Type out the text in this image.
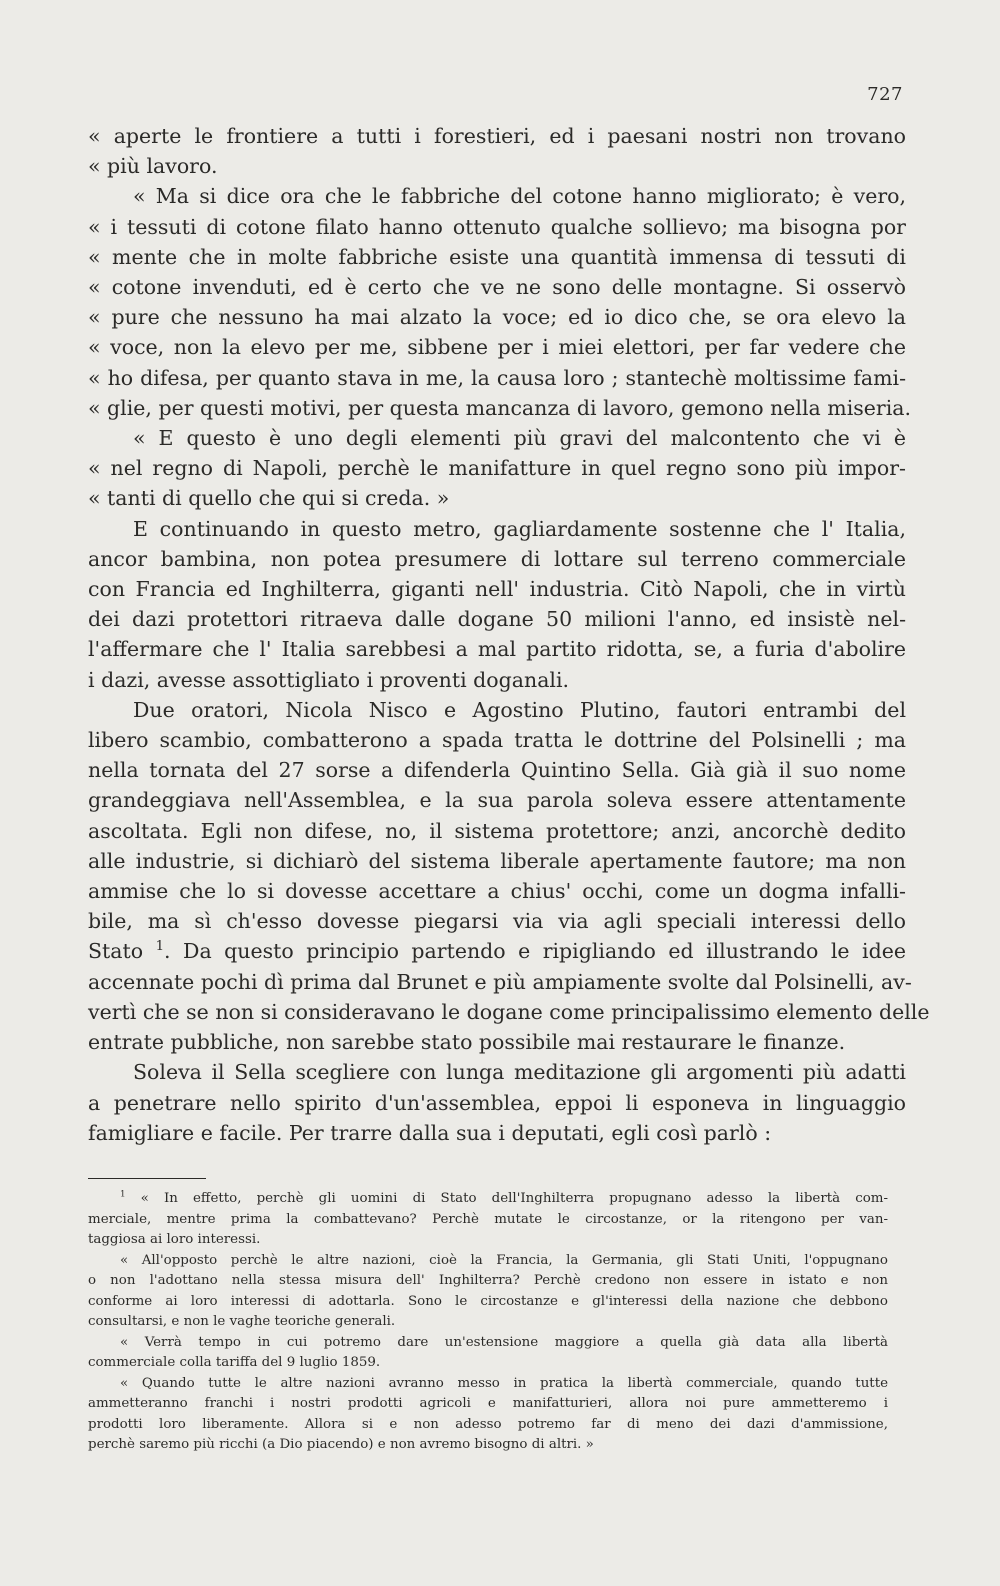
727
« aperte le frontiere a tutti i forestieri, ed i paesani nostri non trovano
« più lavoro.
« Ma si dice ora che le fabbriche del cotone hanno migliorato; è vero,
« i tessuti di cotone filato hanno ottenuto qualche sollievo; ma bisogna por
« mente che in molte fabbriche esiste una quantità immensa di tessuti di
« cotone invenduti, ed è certo che ve ne sono delle montagne. Si osservò
« pure che nessuno ha mai alzato la voce; ed io dico che, se ora elevo la
« voce, non la elevo per me, sibbene per i miei elettori, per far vedere che
« ho difesa, per quanto stava in me, la causa loro ; stantechè moltissime fami-
« glie, per questi motivi, per questa mancanza di lavoro, gemono nella miseria.
« E questo è uno degli elementi più gravi del malcontento che vi è
« nel regno di Napoli, perchè le manifatture in quel regno sono più impor-
« tanti di quello che qui si creda. »
E continuando in questo metro, gagliardamente sostenne che l' Italia,
ancor bambina, non potea presumere di lottare sul terreno commerciale
con Francia ed Inghilterra, giganti nell' industria. Citò Napoli, che in virtù
dei dazi protettori ritraeva dalle dogane 50 milioni l'anno, ed insistè nel-
l'affermare che l' Italia sarebbesi a mal partito ridotta, se, a furia d'abolire
i dazi, avesse assottigliato i proventi doganali.
Due oratori, Nicola Nisco e Agostino Plutino, fautori entrambi del
libero scambio, combatterono a spada tratta le dottrine del Polsinelli ; ma
nella tornata del 27 sorse a difenderla Quintino Sella. Già già il suo nome
grandeggiava nell'Assemblea, e la sua parola soleva essere attentamente
ascoltata. Egli non difese, no, il sistema protettore; anzi, ancorchè dedito
alle industrie, si dichiarò del sistema liberale apertamente fautore; ma non
ammise che lo si dovesse accettare a chius' occhi, come un dogma infalli-
bile, ma sì ch'esso dovesse piegarsi via via agli speciali interessi dello
Stato $^1$. Da questo principio partendo e ripigliando ed illustrando le idee
accennate pochi dì prima dal Brunet e più ampiamente svolte dal Polsinelli, av-
vertì che se non si consideravano le dogane come principalissimo elemento delle
entrate pubbliche, non sarebbe stato possibile mai restaurare le finanze.
Soleva il Sella scegliere con lunga meditazione gli argomenti più adatti
a penetrare nello spirito d'un'assemblea, eppoi li esponeva in linguaggio
famigliare e facile. Per trarre dalla sua i deputati, egli così parlò :
$^1$ « In effetto, perchè gli uomini di Stato dell'Inghilterra propugnano adesso la libertà com-
merciale, mentre prima la combattevano? Perchè mutate le circostanze, or la ritengono per van-
taggiosa ai loro interessi.
« All'opposto perchè le altre nazioni, cioè la Francia, la Germania, gli Stati Uniti, l'oppugnano
o non l'adottano nella stessa misura dell' Inghilterra? Perchè credono non essere in istato e non
conforme ai loro interessi di adottarla. Sono le circostanze e gl'interessi della nazione che debbono
consultarsi, e non le vaghe teoriche generali.
« Verrà tempo in cui potremo dare un'estensione maggiore a quella già data alla libertà
commerciale colla tariffa del 9 luglio 1859.
« Quando tutte le altre nazioni avranno messo in pratica la libertà commerciale, quando tutte
ammetteranno franchi i nostri prodotti agricoli e manifatturieri, allora noi pure ammetteremo i
prodotti loro liberamente. Allora si e non adesso potremo far di meno dei dazi d'ammissione,
perchè saremo più ricchi (a Dio piacendo) e non avremo bisogno di altri. »
